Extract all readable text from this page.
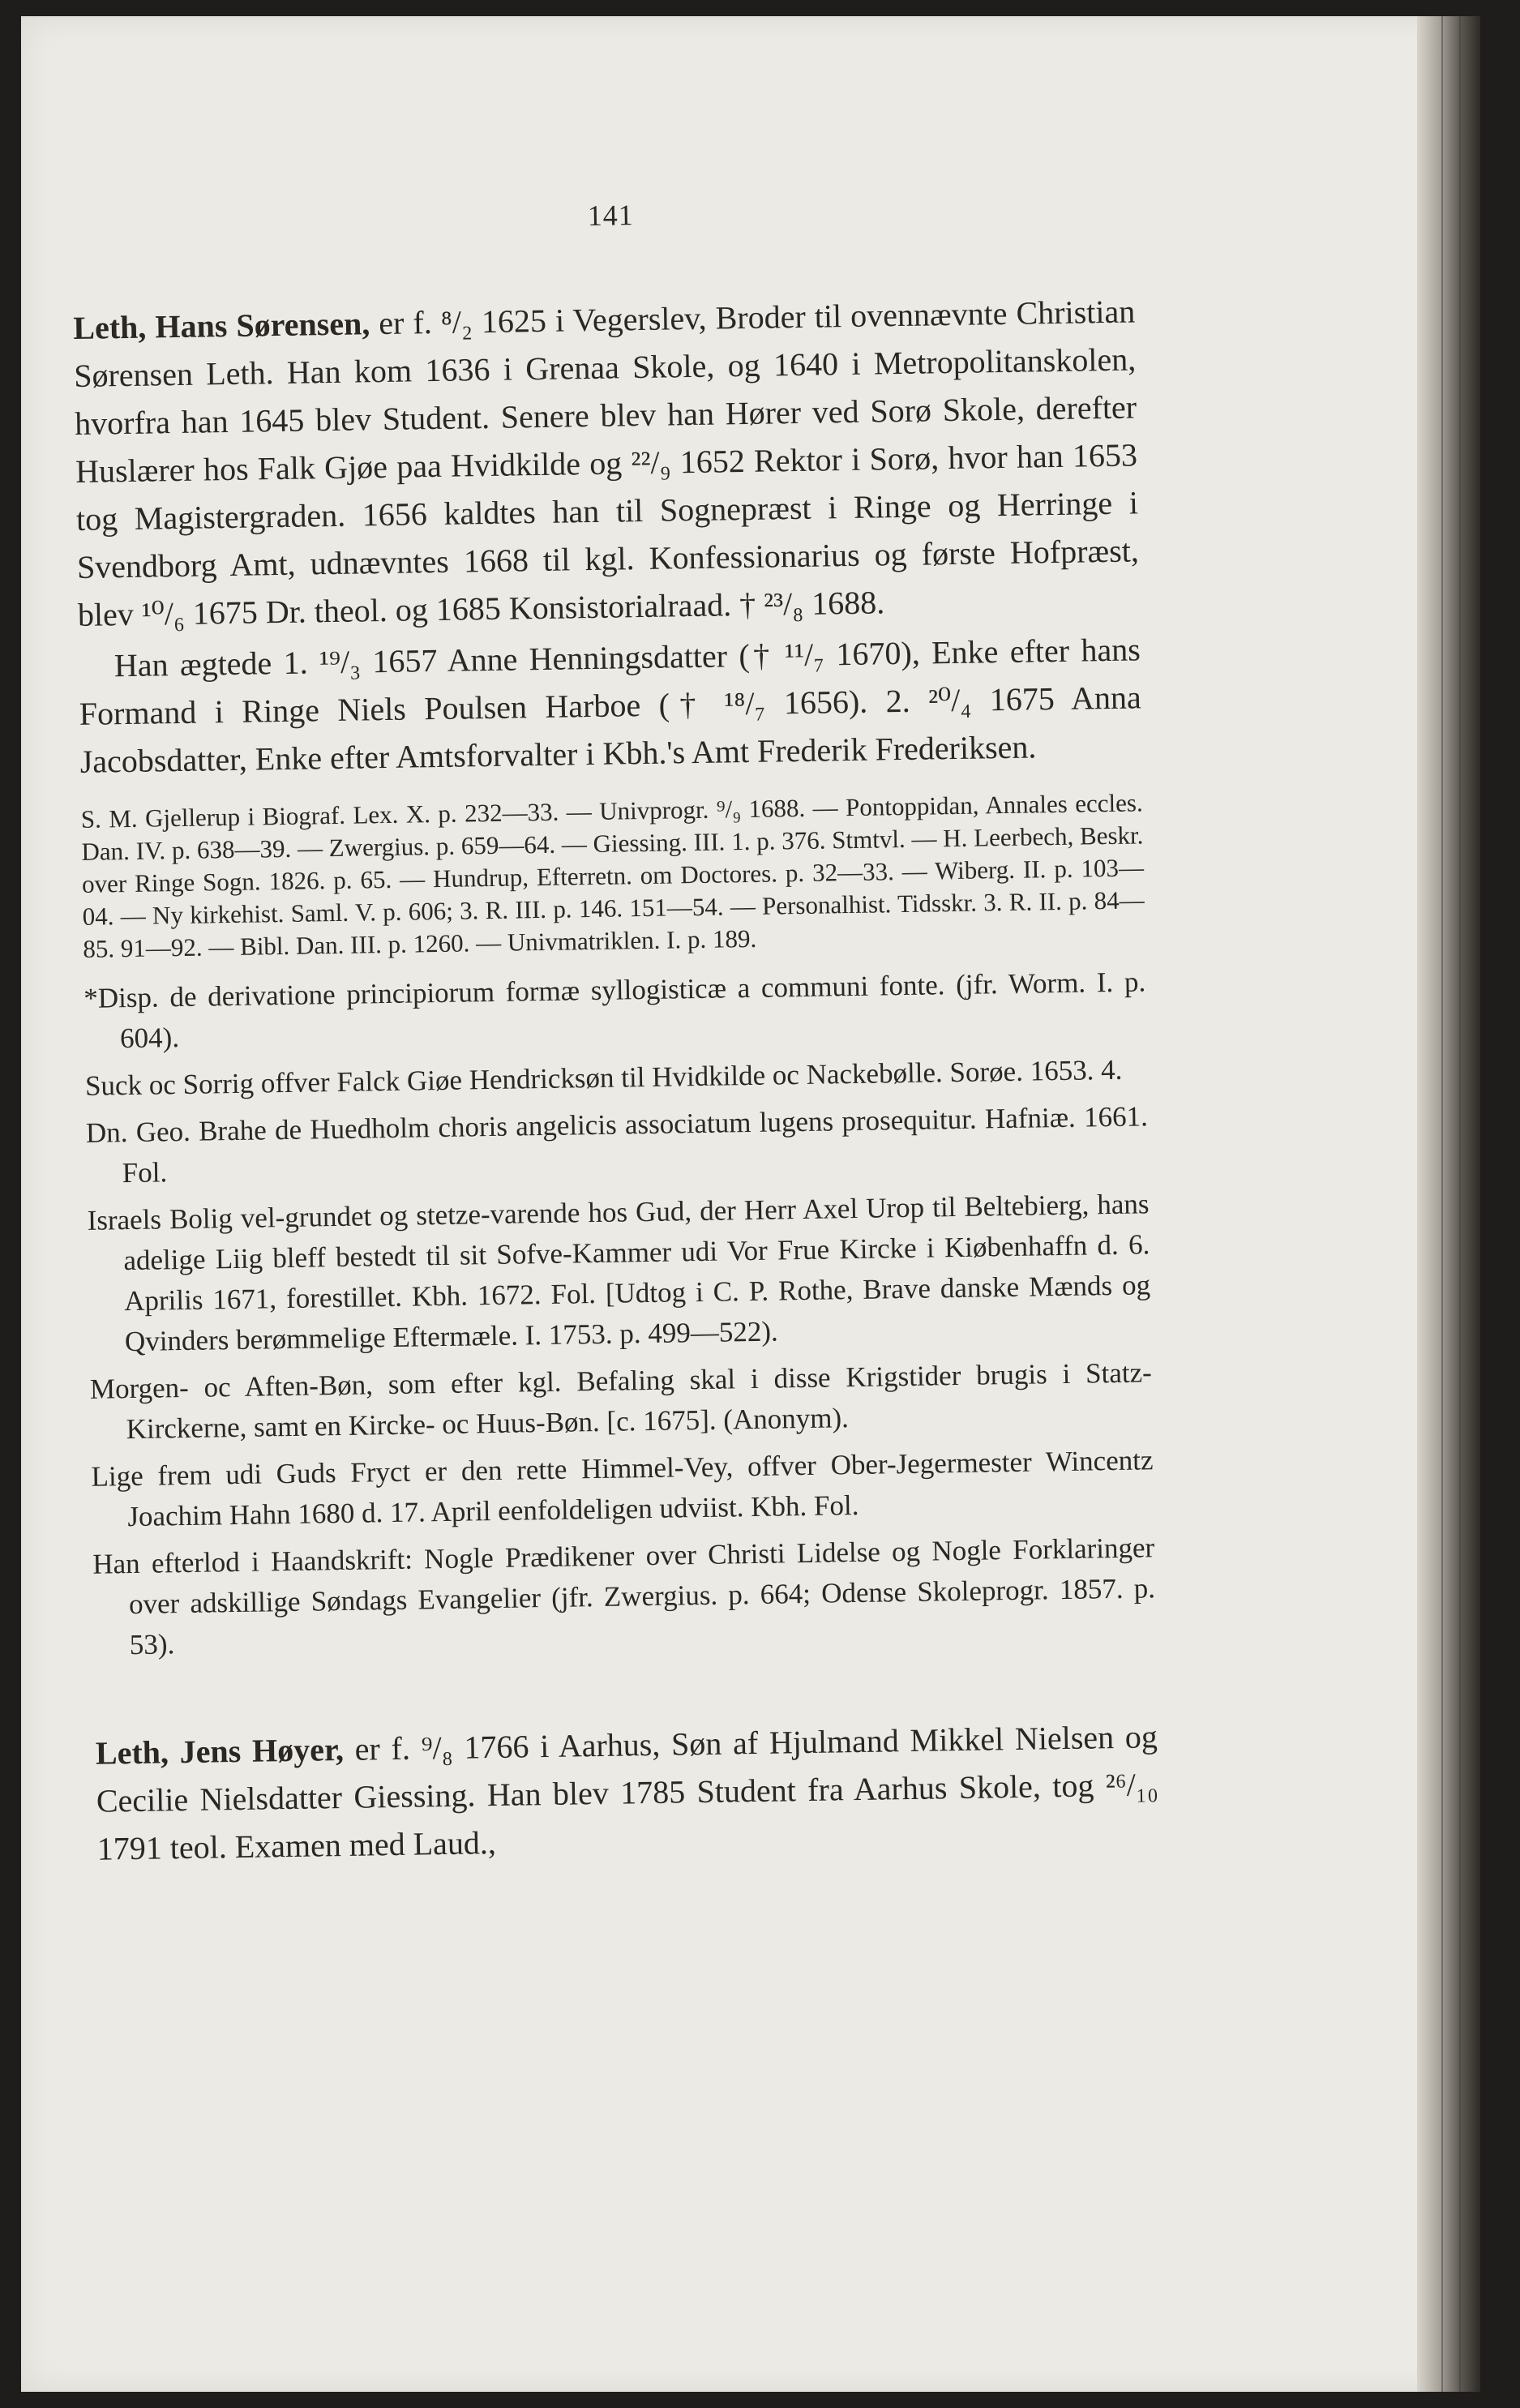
141

Leth, Hans Sørensen, er f. ⁸/₂ 1625 i Vegerslev, Broder til ovennævnte Christian Sørensen Leth. Han kom 1636 i Grenaa Skole, og 1640 i Metropolitanskolen, hvorfra han 1645 blev Student. Senere blev han Hører ved Sorø Skole, derefter Huslærer hos Falk Gjøe paa Hvidkilde og ²²/₉ 1652 Rektor i Sorø, hvor han 1653 tog Magistergraden. 1656 kaldtes han til Sognepræst i Ringe og Herringe i Svendborg Amt, udnævntes 1668 til kgl. Konfessionarius og første Hofpræst, blev ¹⁰/₆ 1675 Dr. theol. og 1685 Konsistorialraad. † ²³/₈ 1688.

Han ægtede 1. ¹⁹/₃ 1657 Anne Henningsdatter († ¹¹/₇ 1670), Enke efter hans Formand i Ringe Niels Poulsen Harboe († ¹⁸/₇ 1656). 2. ²⁰/₄ 1675 Anna Jacobsdatter, Enke efter Amtsforvalter i Kbh.'s Amt Frederik Frederiksen.

S. M. Gjellerup i Biograf. Lex. X. p. 232—33. — Univprogr. ⁹/₉ 1688. — Pontoppidan, Annales eccles. Dan. IV. p. 638—39. — Zwergius. p. 659—64. — Giessing. III. 1. p. 376. Stmtvl. — H. Leerbech, Beskr. over Ringe Sogn. 1826. p. 65. — Hundrup, Efterretn. om Doctores. p. 32—33. — Wiberg. II. p. 103—04. — Ny kirkehist. Saml. V. p. 606; 3. R. III. p. 146. 151—54. — Personalhist. Tidsskr. 3. R. II. p. 84—85. 91—92. — Bibl. Dan. III. p. 1260. — Univmatriklen. I. p. 189.

*Disp. de derivatione principiorum formæ syllogisticæ a communi fonte. (jfr. Worm. I. p. 604).

Suck oc Sorrig offver Falck Giøe Hendricksøn til Hvidkilde oc Nackebølle. Sorøe. 1653. 4.

Dn. Geo. Brahe de Huedholm choris angelicis associatum lugens prosequitur. Hafniæ. 1661. Fol.

Israels Bolig vel-grundet og stetze-varende hos Gud, der Herr Axel Urop til Beltebierg, hans adelige Liig bleff bestedt til sit Sofve-Kammer udi Vor Frue Kircke i Kiøbenhaffn d. 6. Aprilis 1671, forestillet. Kbh. 1672. Fol. [Udtog i C. P. Rothe, Brave danske Mænds og Qvinders berømmelige Eftermæle. I. 1753. p. 499—522).

Morgen- oc Aften-Bøn, som efter kgl. Befaling skal i disse Krigstider brugis i Statz-Kirckerne, samt en Kircke- oc Huus-Bøn. [c. 1675]. (Anonym).

Lige frem udi Guds Fryct er den rette Himmel-Vey, offver Ober-Jegermester Wincentz Joachim Hahn 1680 d. 17. April eenfoldeligen udviist. Kbh. Fol.

Han efterlod i Haandskrift: Nogle Prædikener over Christi Lidelse og Nogle Forklaringer over adskillige Søndags Evangelier (jfr. Zwergius. p. 664; Odense Skoleprogr. 1857. p. 53).

Leth, Jens Høyer, er f. ⁹/₈ 1766 i Aarhus, Søn af Hjulmand Mikkel Nielsen og Cecilie Nielsdatter Giessing. Han blev 1785 Student fra Aarhus Skole, tog ²⁶/₁₀ 1791 teol. Examen med Laud.,
